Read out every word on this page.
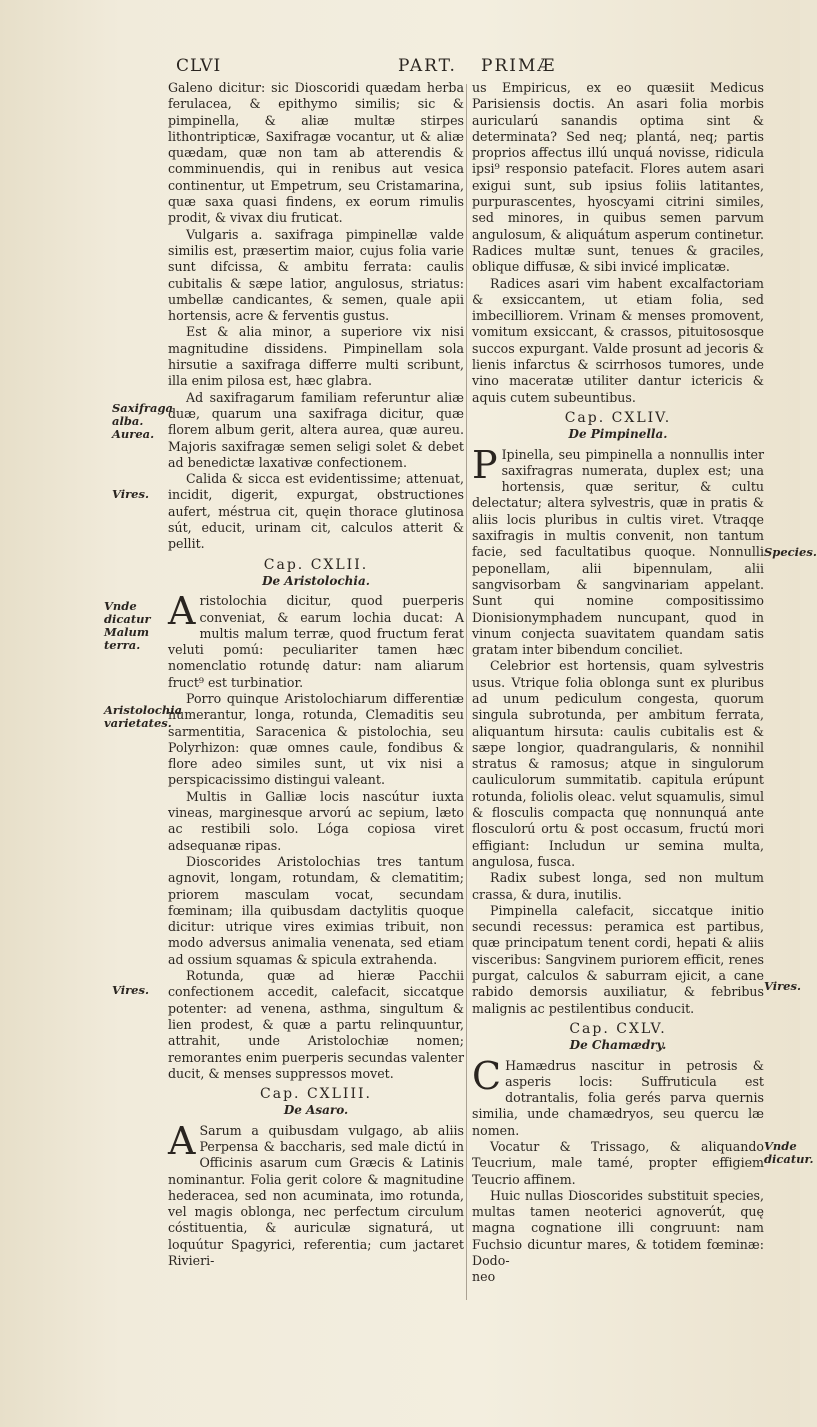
CLVI	PART. PRIMÆ

Galeno dicitur: sic Dioscoridi quædam herba ferulacea, & epithymo similis; sic & pimpinella, & aliæ multæ stirpes lithontripticæ, Saxifragæ vocantur, ut & aliæ quædam, quæ non tam ab atterendis & comminuendis, qui in renibus aut vesica continentur, ut Empetrum, seu Cristamarina, quæ saxa quasi findens, ex eorum rimulis prodit, & vivax diu fruticat.

Vulgaris a. saxifraga pimpinellæ valde similis est, præsertim maior, cujus folia varie sunt difcissa, & ambitu ferrata: caulis cubitalis & sæpe latior, angulosus, striatus: umbellæ candicantes, & semen, quale apii hortensis, acre & ferventis gustus.

Est & alia minor, a superiore vix nisi magnitudine dissidens. Pimpinellam sola hirsutie a saxifraga differre multi scribunt, illa enim pilosa est, hæc glabra.

Ad saxifragarum familiam referuntur aliæ duæ, quarum una saxifraga dicitur, quæ florem album gerit, altera aurea, quæ aureu. Majoris saxifragæ semen seligi solet & debet ad benedictæ laxativæ confectionem.

Calida & sicca est evidentissime; attenuat, incidit, digerit, expurgat, obstructiones aufert, méstrua cit, quęin thorace glutinosa sút, educit, urinam cit, calculos atterit & pellit.

Cap. CXLII.
De Aristolochia.

Aristolochia dicitur, quod puerperis conveniat, & earum lochia ducat: A multis malum terræ, quod fructum ferat veluti pomú: peculiariter tamen hæc nomenclatio rotundę datur: nam aliarum fruct⁹ est turbinatior.

Porro quinque Aristolochiarum differentiæ numerantur, longa, rotunda, Clemaditis seu sarmentitia, Saracenica & pistolochia, seu Polyrhizon: quæ omnes caule, fondibus & flore adeo similes sunt, ut vix nisi a perspicacissimo distingui valeant.

Multis in Galliæ locis nascútur iuxta vineas, marginesque arvorú ac sepium, læto ac restibili solo. Lóga copiosa viret adsequanæ ripas.

Dioscorides Aristolochias tres tantum agnovit, longam, rotundam, & clematitim; priorem masculam vocat, secundam fœminam; illa quibusdam dactylitis quoque dicitur: utrique vires eximias tribuit, non modo adversus animalia venenata, sed etiam ad ossium squamas & spicula extrahenda.

Rotunda, quæ ad hieræ Pacchii confectionem accedit, calefacit, siccatque potenter: ad venena, asthma, singultum & lien prodest, & quæ a partu relinquuntur, attrahit, unde Aristolochiæ nomen; remorantes enim puerperis secundas valenter ducit, & menses suppressos movet.

Cap. CXLIII.
De Asaro.

A Sarum a quibusdam vulgago, ab aliis Perpensa & baccharis, sed male dictú in Officinis asarum cum Græcis & Latinis nominantur. Folia gerit colore & magnitudine hederacea, sed non acuminata, imo rotunda, vel magis oblonga, nec perfectum circulum cóstituentia, & auriculæ signaturá, ut loquútur Spagyrici, referentia; cum jactaret Rivieri-

us Empiricus, ex eo quæsiit Medicus Parisiensis doctis. An asari folia morbis auricularú sanandis optima sint & determinata? Sed neq; plantá, neq; partis proprios affectus illú unquá novisse, ridicula ipsi⁹ responsio patefacit. Flores autem asari exigui sunt, sub ipsius foliis latitantes, purpurascentes, hyoscyami citrini similes, sed minores, in quibus semen parvum angulosum, & aliquátum asperum continetur. Radices multæ sunt, tenues & graciles, oblique diffusæ, & sibi invicé implicatæ.

Radices asari vim habent excalfactoriam & exsiccantem, ut etiam folia, sed imbecilliorem. Vrinam & menses promovent, vomitum exsiccant, & crassos, pituitososque succos expurgant. Valde prosunt ad jecoris & lienis infarctus & scirrhosos tumores, unde vino maceratæ utiliter dantur ictericis & aquis cutem subeuntibus.

Cap. CXLIV.
De Pimpinella.

P Ipinella, seu pimpinella a nonnullis inter saxifragras numerata, duplex est; una hortensis, quæ seritur, & cultu delectatur; altera sylvestris, quæ in pratis & aliis locis pluribus in cultis viret. Vtraqqe saxifragis in multis convenit, non tantum facie, sed facultatibus quoque. Nonnulli peponellam, alii bipennulam, alii sangvisorbam & sangvinariam appelant. Sunt qui nomine compositissimo Dionisionymphadem nuncupant, quod in vinum conjecta suavitatem quandam satis gratam inter bibendum conciliet.

Celebrior est hortensis, quam sylvestris usus. Vtrique folia oblonga sunt ex pluribus ad unum pediculum congesta, quorum singula subrotunda, per ambitum ferrata, aliquantum hirsuta: caulis cubitalis est & sæpe longior, quadrangularis, & nonnihil stratus & ramosus; atque in singulorum cauliculorum summitatib. capitula erúpunt rotunda, foliolis oleac. velut squamulis, simul & flosculis compacta quę nonnunquá ante flosculorú ortu & post occasum, fructú mori effigiant: Includun ur semina multa, angulosa, fusca.

Radix subest longa, sed non multum crassa, & dura, inutilis.

Pimpinella calefacit, siccatque initio secundi recessus: peramica est partibus, quæ principatum tenent cordi, hepati & aliis visceribus: Sangvinem puriorem efficit, renes purgat, calculos & saburram ejicit, a cane rabido demorsis auxiliatur, & febribus malignis ac pestilentibus conducit.

Cap. CXLV.
De Chamædry.

C Hamædrus nascitur in petrosis & asperis locis: Suffruticula est dotrantalis, folia gerés parva quernis similia, unde chamædryos, seu quercu læ nomen.

Vocatur & Trissago, & aliquando Teucrium, male tamé, propter effigiem Teucrio affinem.

Huic nullas Dioscorides substituit species, multas tamen neoterici agnoverút, quę magna cognatione illi congruunt: nam Fuchsio dicuntur mares, & totidem fœminæ: Dodo-

neo

Saxifraga alba. Aurea.
Vires.
Vnde dicatur Malum terra.
Aristolochia varietates.
Vires.
Species.
Vires.
Vnde dicatur.
